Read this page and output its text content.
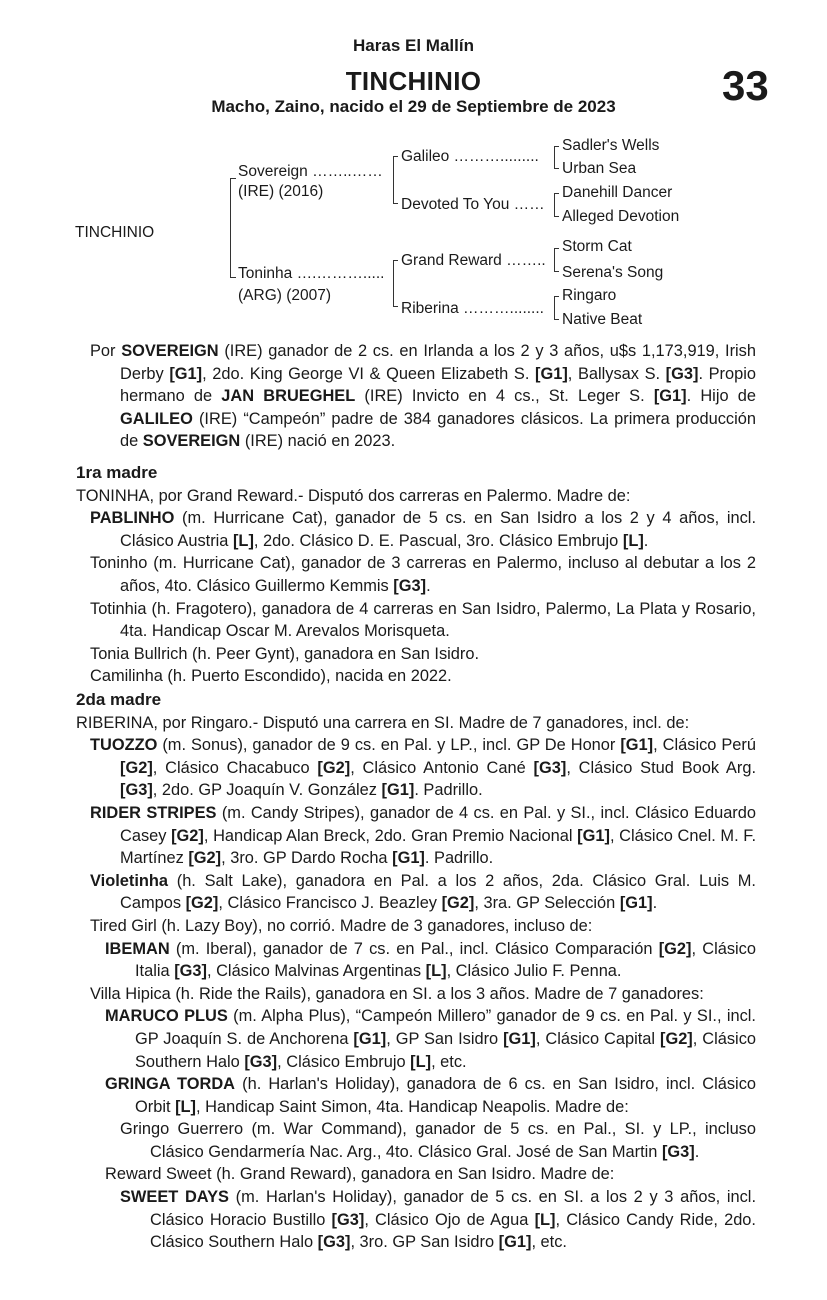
Haras El Mallín
TINCHINIO
Macho, Zaino, nacido el 29 de Septiembre de 2023	33
TINCHINIO
Sovereign ……..……
(IRE) (2016)
Toninha ….……….....
(ARG) (2007)
Galileo ……….........
Devoted To You ……
Grand Reward ……..
Riberina ………........
Sadler's Wells
Urban Sea
Danehill Dancer
Alleged Devotion
Storm Cat
Serena's Song
Ringaro
Native Beat

Por SOVEREIGN (IRE) ganador de 2 cs. en Irlanda a los 2 y 3 años, u$s 1,173,919, Irish Derby [G1], 2do. King George VI & Queen Elizabeth S. [G1], Ballysax S. [G3]. Propio hermano de JAN BRUEGHEL (IRE) Invicto en 4 cs., St. Leger S. [G1]. Hijo de GALILEO (IRE) “Campeón” padre de 384 ganadores clásicos. La primera producción de SOVEREIGN (IRE) nació en 2023.

1ra madre

TONINHA, por Grand Reward.- Disputó dos carreras en Palermo. Madre de:

PABLINHO (m. Hurricane Cat), ganador de 5 cs. en San Isidro a los 2 y 4 años, incl. Clásico Austria [L], 2do. Clásico D. E. Pascual, 3ro. Clásico Embrujo [L].

Toninho (m. Hurricane Cat), ganador de 3 carreras en Palermo, incluso al debutar a los 2 años, 4to. Clásico Guillermo Kemmis [G3].

Totinhia (h. Fragotero), ganadora de 4 carreras en San Isidro, Palermo, La Plata y Rosario, 4ta. Handicap Oscar M. Arevalos Morisqueta.

Tonia Bullrich (h. Peer Gynt), ganadora en San Isidro.

Camilinha (h. Puerto Escondido), nacida en 2022.

2da madre

RIBERINA, por Ringaro.- Disputó una carrera en SI. Madre de 7 ganadores, incl. de:

TUOZZO (m. Sonus), ganador de 9 cs. en Pal. y LP., incl. GP De Honor [G1], Clásico Perú [G2], Clásico Chacabuco [G2], Clásico Antonio Cané [G3], Clásico Stud Book Arg. [G3], 2do. GP Joaquín V. González [G1]. Padrillo.

RIDER STRIPES (m. Candy Stripes), ganador de 4 cs. en Pal. y SI., incl. Clásico Eduardo Casey [G2], Handicap Alan Breck, 2do. Gran Premio Nacional [G1], Clásico Cnel. M. F. Martínez [G2], 3ro. GP Dardo Rocha [G1]. Padrillo.

Violetinha (h. Salt Lake), ganadora en Pal. a los 2 años, 2da. Clásico Gral. Luis M. Campos [G2], Clásico Francisco J. Beazley [G2], 3ra. GP Selección [G1].

Tired Girl (h. Lazy Boy), no corrió. Madre de 3 ganadores, incluso de:

IBEMAN (m. Iberal), ganador de 7 cs. en Pal., incl. Clásico Comparación [G2], Clásico Italia [G3], Clásico Malvinas Argentinas [L], Clásico Julio F. Penna.

Villa Hipica (h. Ride the Rails), ganadora en SI. a los 3 años. Madre de 7 ganadores:

MARUCO PLUS (m. Alpha Plus), “Campeón Millero” ganador de 9 cs. en Pal. y SI., incl. GP Joaquín S. de Anchorena [G1], GP San Isidro [G1], Clásico Capital [G2], Clásico Southern Halo [G3], Clásico Embrujo [L], etc.

GRINGA TORDA (h. Harlan's Holiday), ganadora de 6 cs. en San Isidro, incl. Clásico Orbit [L], Handicap Saint Simon, 4ta. Handicap Neapolis. Madre de:

Gringo Guerrero (m. War Command), ganador de 5 cs. en Pal., SI. y LP., incluso Clásico Gendarmería Nac. Arg., 4to. Clásico Gral. José de San Martin [G3].

Reward Sweet (h. Grand Reward), ganadora en San Isidro. Madre de:

SWEET DAYS (m. Harlan's Holiday), ganador de 5 cs. en SI. a los 2 y 3 años, incl. Clásico Horacio Bustillo [G3], Clásico Ojo de Agua [L], Clásico Candy Ride, 2do. Clásico Southern Halo [G3], 3ro. GP San Isidro [G1], etc.
